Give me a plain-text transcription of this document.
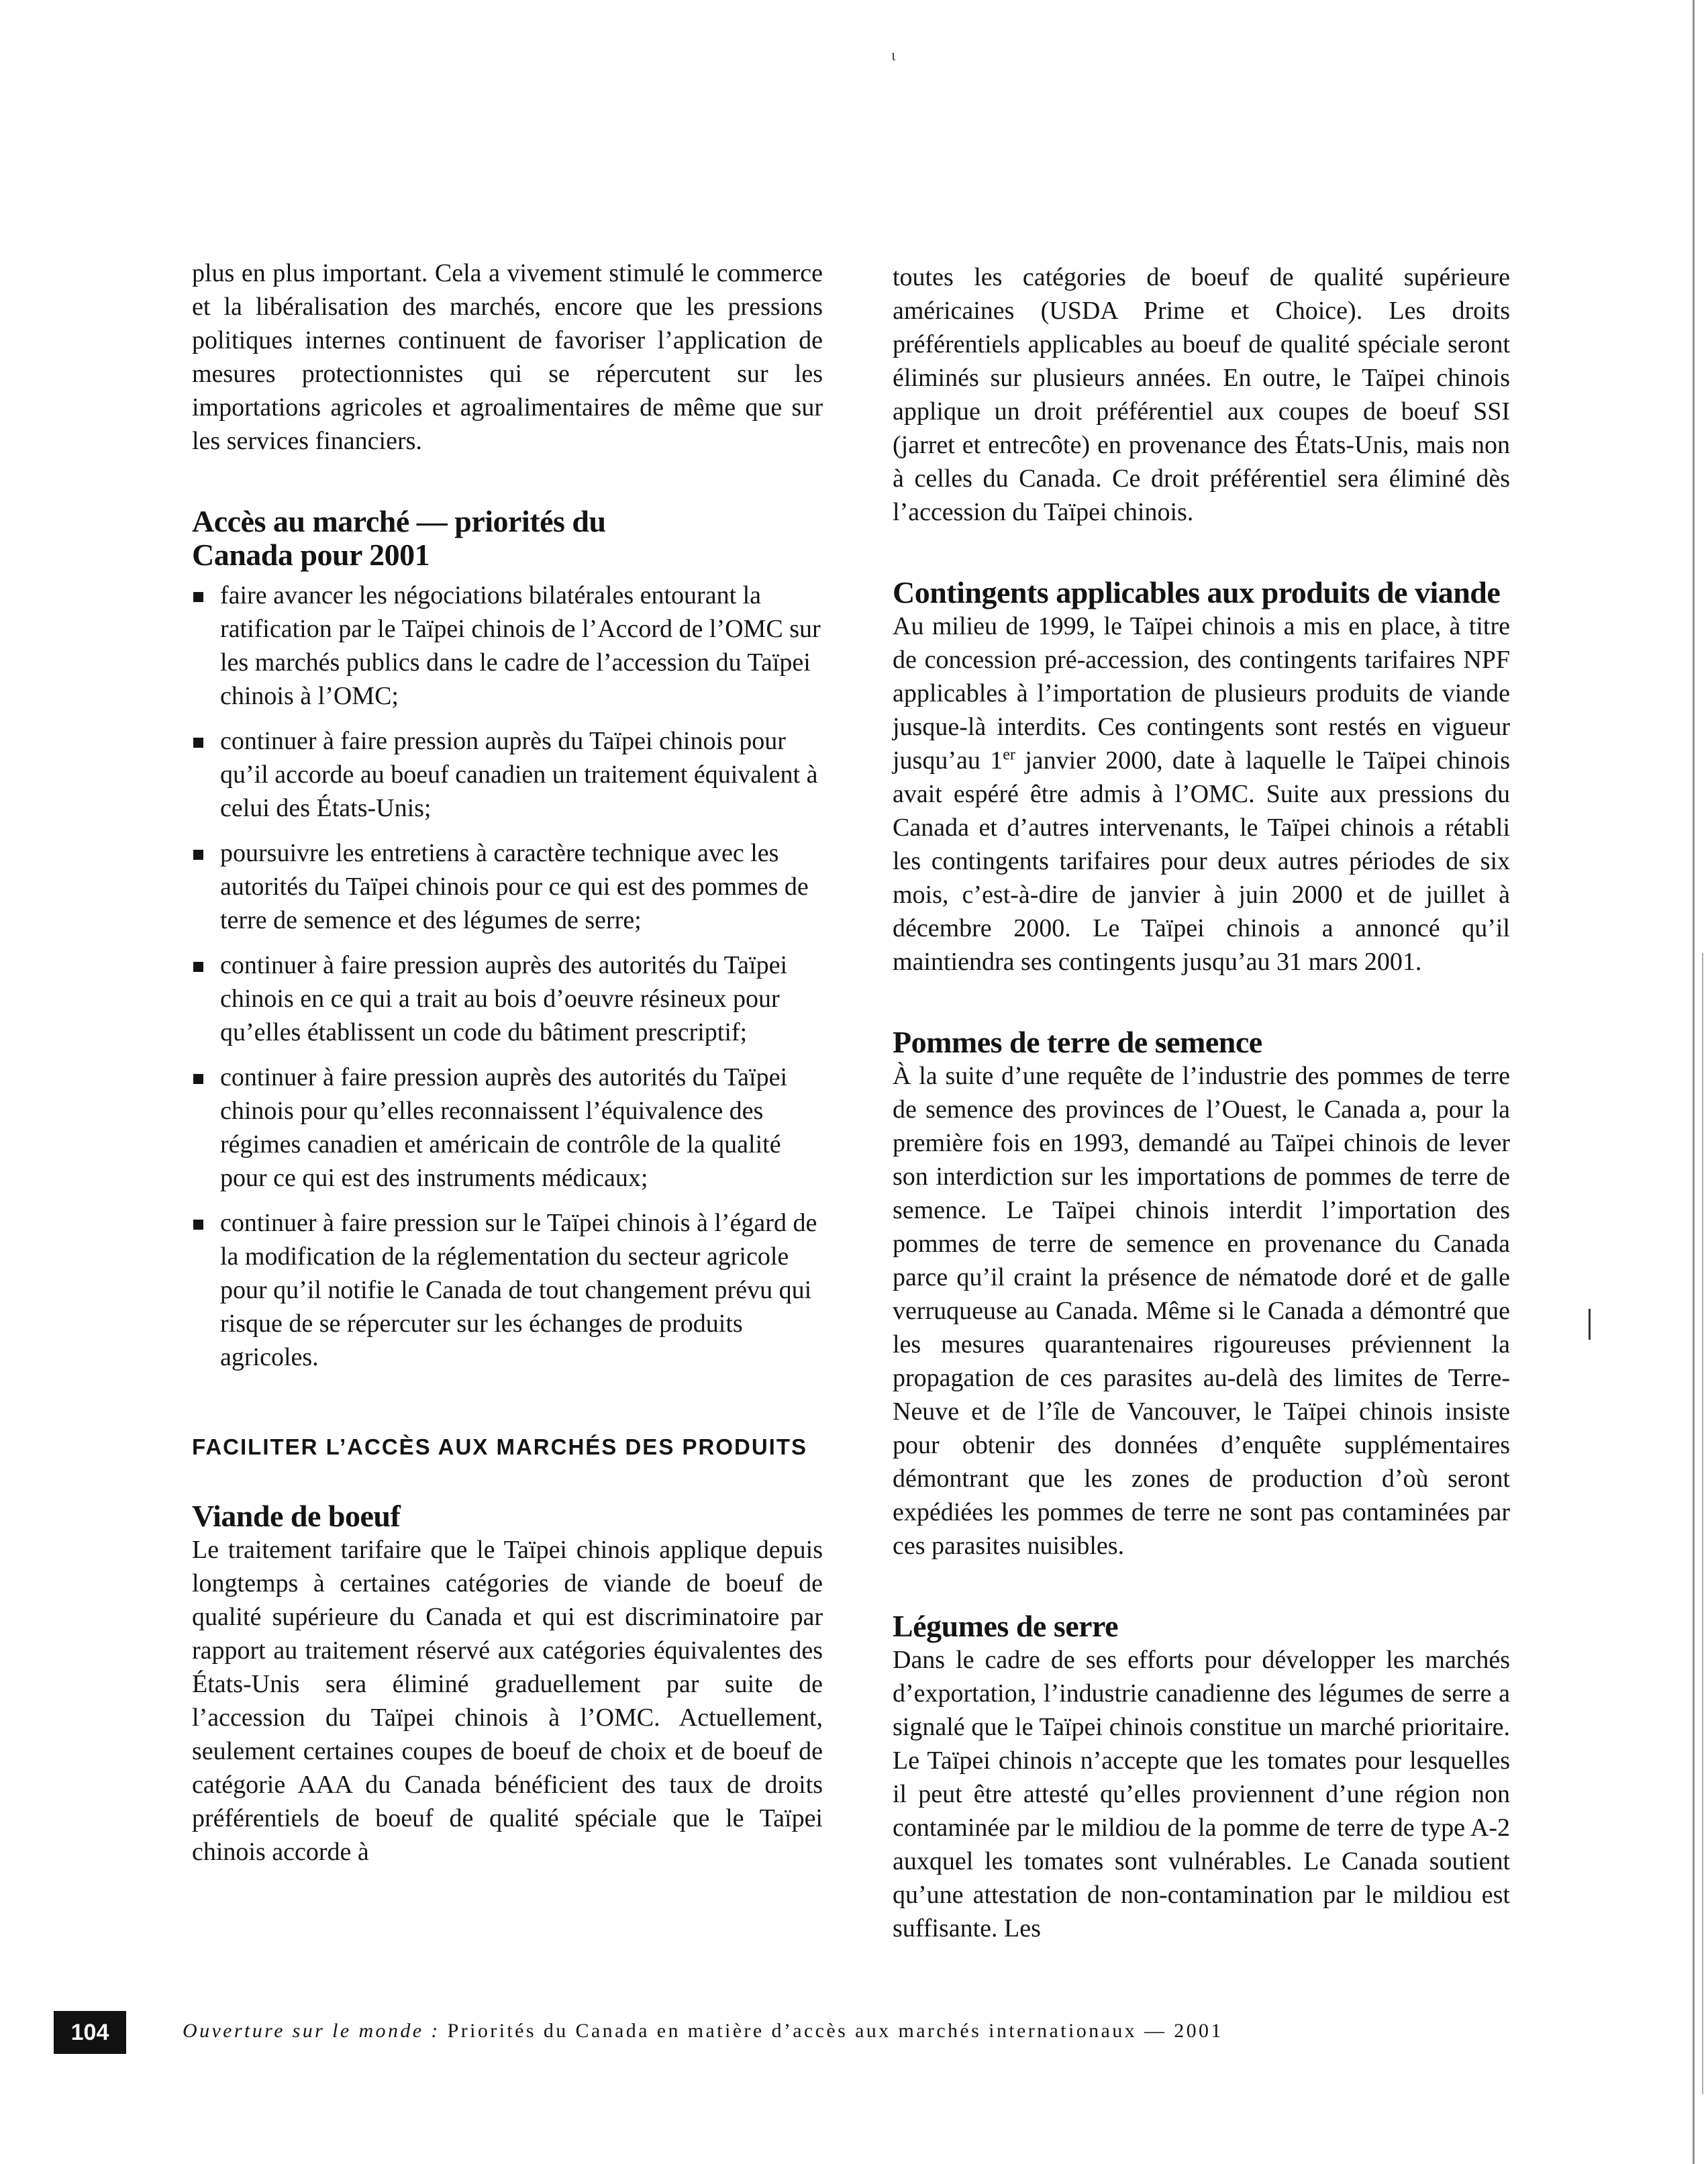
ι

plus en plus important. Cela a vivement stimulé le commerce et la libéralisation des marchés, encore que les pressions politiques internes continuent de favoriser l’application de mesures protectionnistes qui se répercutent sur les importations agricoles et agroalimentaires de même que sur les services financiers.

Accès au marché — priorités du Canada pour 2001
faire avancer les négociations bilatérales entourant la ratification par le Taïpei chinois de l’Accord de l’OMC sur les marchés publics dans le cadre de l’accession du Taïpei chinois à l’OMC;
continuer à faire pression auprès du Taïpei chinois pour qu’il accorde au boeuf canadien un traitement équivalent à celui des États-Unis;
poursuivre les entretiens à caractère technique avec les autorités du Taïpei chinois pour ce qui est des pommes de terre de semence et des légumes de serre;
continuer à faire pression auprès des autorités du Taïpei chinois en ce qui a trait au bois d’oeuvre résineux pour qu’elles établissent un code du bâtiment prescriptif;
continuer à faire pression auprès des autorités du Taïpei chinois pour qu’elles reconnaissent l’équivalence des régimes canadien et américain de contrôle de la qualité pour ce qui est des instruments médicaux;
continuer à faire pression sur le Taïpei chinois à l’égard de la modification de la réglementation du secteur agricole pour qu’il notifie le Canada de tout changement prévu qui risque de se répercuter sur les échanges de produits agricoles.
FACILITER L’ACCÈS AUX MARCHÉS DES PRODUITS
Viande de boeuf

Le traitement tarifaire que le Taïpei chinois applique depuis longtemps à certaines catégories de viande de boeuf de qualité supérieure du Canada et qui est discriminatoire par rapport au traitement réservé aux catégories équivalentes des États-Unis sera éliminé graduellement par suite de l’accession du Taïpei chinois à l’OMC. Actuellement, seulement certaines coupes de boeuf de choix et de boeuf de catégorie AAA du Canada bénéficient des taux de droits préférentiels de boeuf de qualité spéciale que le Taïpei chinois accorde à

toutes les catégories de boeuf de qualité supérieure américaines (USDA Prime et Choice). Les droits préférentiels applicables au boeuf de qualité spéciale seront éliminés sur plusieurs années. En outre, le Taïpei chinois applique un droit préférentiel aux coupes de boeuf SSI (jarret et entrecôte) en provenance des États-Unis, mais non à celles du Canada. Ce droit préférentiel sera éliminé dès l’accession du Taïpei chinois.

Contingents applicables aux produits de viande

Au milieu de 1999, le Taïpei chinois a mis en place, à titre de concession pré-accession, des contingents tarifaires NPF applicables à l’importation de plusieurs produits de viande jusque-là interdits. Ces contingents sont restés en vigueur jusqu’au 1er janvier 2000, date à laquelle le Taïpei chinois avait espéré être admis à l’OMC. Suite aux pressions du Canada et d’autres intervenants, le Taïpei chinois a rétabli les contingents tarifaires pour deux autres périodes de six mois, c’est-à-dire de janvier à juin 2000 et de juillet à décembre 2000. Le Taïpei chinois a annoncé qu’il maintiendra ses contingents jusqu’au 31 mars 2001.

Pommes de terre de semence

À la suite d’une requête de l’industrie des pommes de terre de semence des provinces de l’Ouest, le Canada a, pour la première fois en 1993, demandé au Taïpei chinois de lever son interdiction sur les importations de pommes de terre de semence. Le Taïpei chinois interdit l’importation des pommes de terre de semence en provenance du Canada parce qu’il craint la présence de nématode doré et de galle verruqueuse au Canada. Même si le Canada a démontré que les mesures quarantenaires rigoureuses préviennent la propagation de ces parasites au-delà des limites de Terre-Neuve et de l’île de Vancouver, le Taïpei chinois insiste pour obtenir des données d’enquête supplémentaires démontrant que les zones de production d’où seront expédiées les pommes de terre ne sont pas contaminées par ces parasites nuisibles.

Légumes de serre

Dans le cadre de ses efforts pour développer les marchés d’exportation, l’industrie canadienne des légumes de serre a signalé que le Taïpei chinois constitue un marché prioritaire. Le Taïpei chinois n’accepte que les tomates pour lesquelles il peut être attesté qu’elles proviennent d’une région non contaminée par le mildiou de la pomme de terre de type A-2 auxquel les tomates sont vulnérables. Le Canada soutient qu’une attestation de non-contamination par le mildiou est suffisante. Les

104	Ouverture sur le monde : Priorités du Canada en matière d’accès aux marchés internationaux — 2001
